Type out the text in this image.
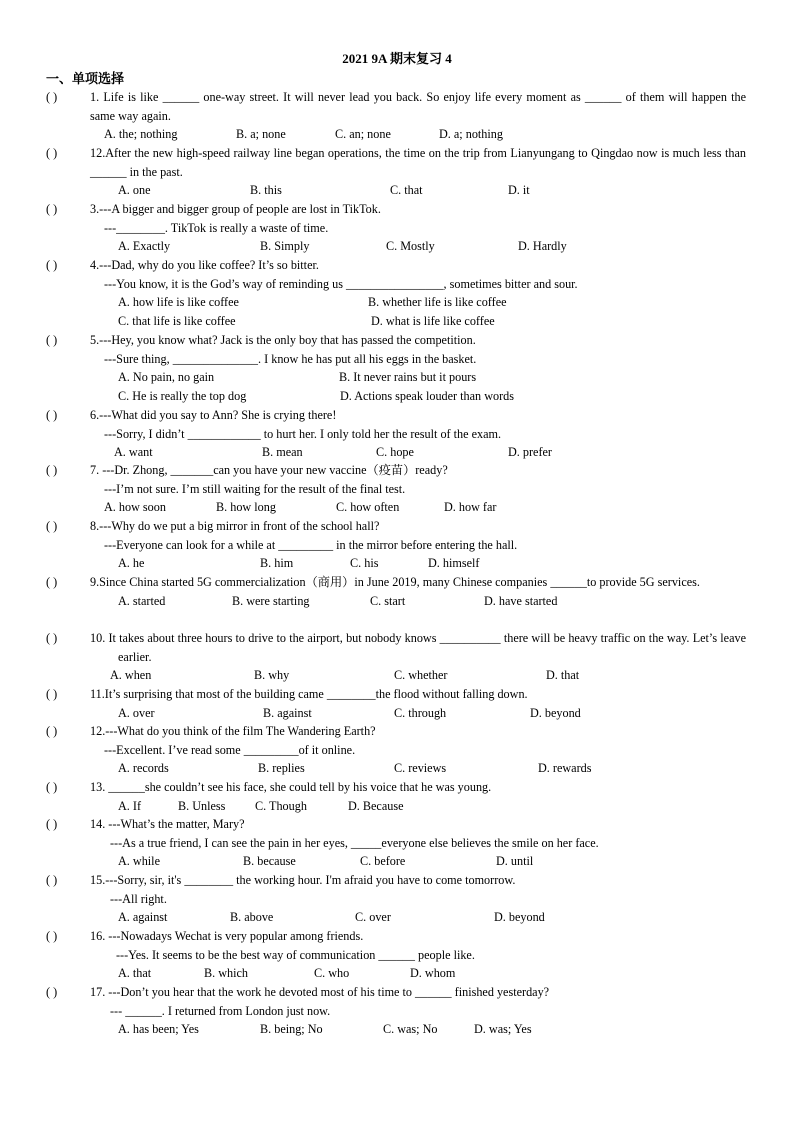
2021 9A 期末复习 4
一、单项选择
( )	1. Life is like ______ one-way street. It will never lead you back. So enjoy life every moment as ______ of them will happen the same way again.
A. the; nothing	B. a; none	C. an; none	D. a; nothing
( )	12.After the new high-speed railway line began operations, the time on the trip from Lianyungang to Qingdao now is much less than ______ in the past.
A. one	B. this	C. that	D. it
( )	3.---A bigger and bigger group of people are lost in TikTok.
---________. TikTok is really a waste of time.
A. Exactly	B. Simply	C. Mostly	D. Hardly
( )	4.---Dad, why do you like coffee? It’s so bitter.
---You know, it is the God’s way of reminding us ________________, sometimes bitter and sour.
A. how life is like coffee	B. whether life is like coffee
C. that life is like coffee	D. what is life like coffee
( )	5.---Hey, you know what? Jack is the only boy that has passed the competition.
---Sure thing, ______________. I know he has put all his eggs in the basket.
A. No pain, no gain	B. It never rains but it pours
C. He is really the top dog	D. Actions speak louder than words
( )	6.---What did you say to Ann? She is crying there!
---Sorry, I didn’t ____________ to hurt her. I only told her the result of the exam.
A. want	B. mean	C. hope	D. prefer
( )	7. ---Dr. Zhong, _______can you have your new vaccine（疫苗）ready?
---I’m not sure. I’m still waiting for the result of the final test.
A. how soon	B. how long	C. how often	D. how far
( )	8.---Why do we put a big mirror in front of the school hall?
---Everyone can look for a while at _________ in the mirror before entering the hall.
A. he	B. him	C. his	D. himself
( )	9.Since China started 5G commercialization（商用）in June 2019, many Chinese companies ______to provide 5G services.
A. started	B. were starting	C. start	D. have started
( )	10. It takes about three hours to drive to the airport, but nobody knows __________ there will be heavy traffic on the way. Let’s leave earlier.
A. when	B. why	C. whether	D. that
( )	11.It’s surprising that most of the building came ________the flood without falling down.
A. over	B. against	C. through	D. beyond
( )	12.---What do you think of the film The Wandering Earth?
---Excellent. I’ve read some _________of it online.
A. records	B. replies	C. reviews	D. rewards
( )	13. ______she couldn’t see his face, she could tell by his voice that he was young.
A. If	B. Unless C. Though	D. Because
( )	14. ---What’s the matter, Mary?
---As a true friend, I can see the pain in her eyes, _____everyone else believes the smile on her face.
A. while	B. because	C. before	D. until
( )	15.---Sorry, sir, it's ________ the working hour. I'm afraid you have to come tomorrow.
---All right.
A. against	B. above	C. over	D. beyond
( )	16. ---Nowadays Wechat is very popular among friends.
---Yes. It seems to be the best way of communication ______ people like.
A. that	B. which	C. who	D. whom
( )	17. ---Don’t you hear that the work he devoted most of his time to ______ finished yesterday?
--- ______. I returned from London just now.
A. has been; Yes	B. being; No	C. was; No	D. was; Yes
